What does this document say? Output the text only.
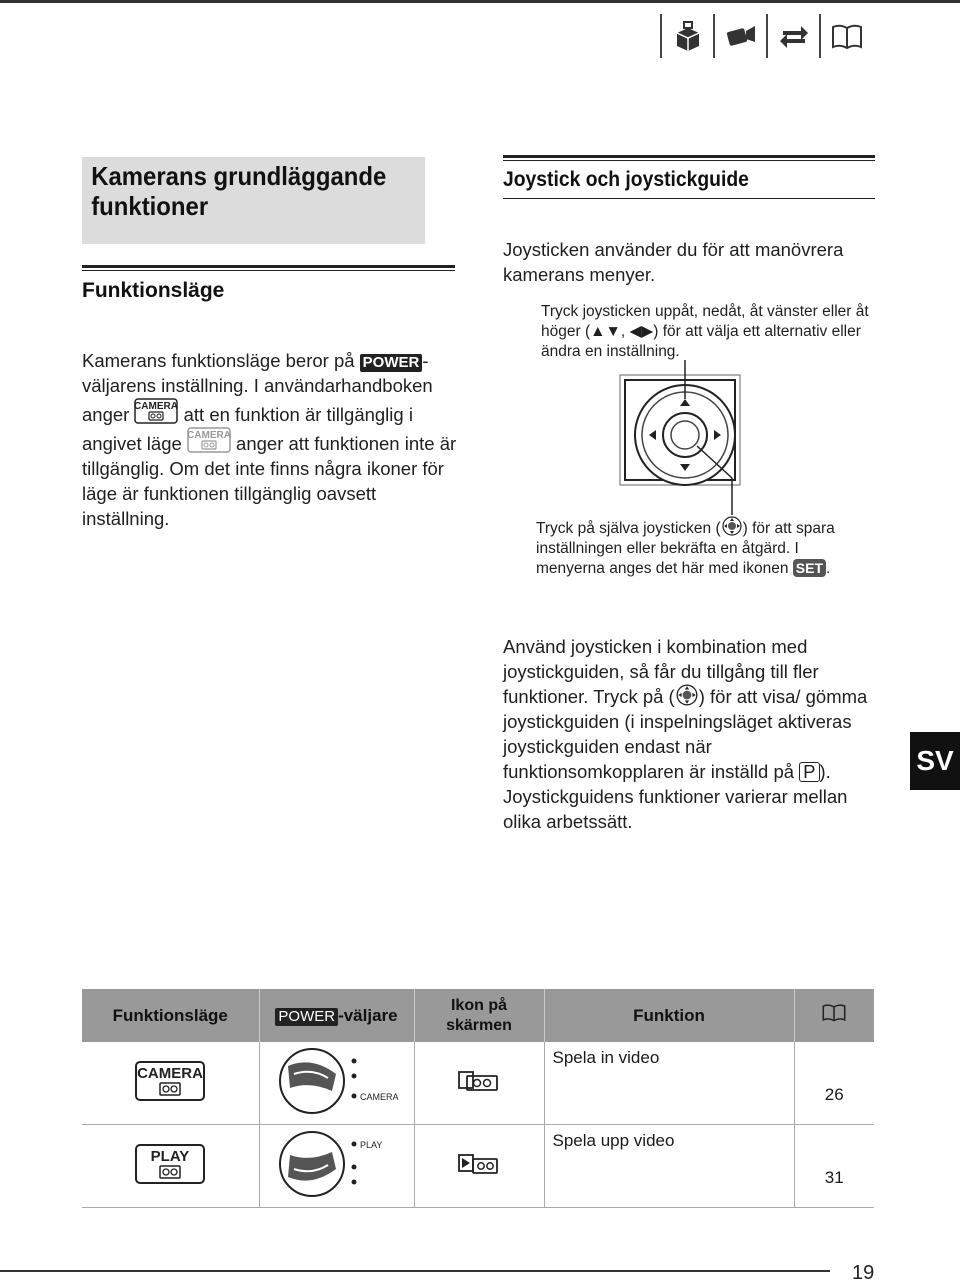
Kamerans grundläggande funktioner
Funktionsläge
Kamerans funktionsläge beror på POWER -väljarens inställning. I användarhandboken anger CAMERA att en funktion är tillgänglig i angivet läge CAMERA anger att funktionen inte är tillgänglig. Om det inte finns några ikoner för läge är funktionen tillgänglig oavsett inställning.
Joystick och joystickguide
Joysticken använder du för att manövrera kamerans menyer.
Tryck joysticken uppåt, nedåt, åt vänster eller åt höger (▲▼, ◀▶) för att välja ett alternativ eller ändra en inställning.
Tryck på själva joysticken ( ) för att spara inställningen eller bekräfta en åtgärd. I menyerna anges det här med ikonen SET .
Använd joysticken i kombination med joystickguiden, så får du tillgång till fler funktioner. Tryck på ( ) för att visa/ gömma joystickguiden (i inspelningsläget aktiveras joystickguiden endast när funktionsomkopplaren är inställd på P ).
Joystickguidens funktioner varierar mellan olika arbetssätt.
SV
Funktionsläge	POWER -väljare	Ikon på skärmen	Funktion	

CAMERA	CAMERA		Spela in video	26

PLAY	PLAY		Spela upp video	31
19
